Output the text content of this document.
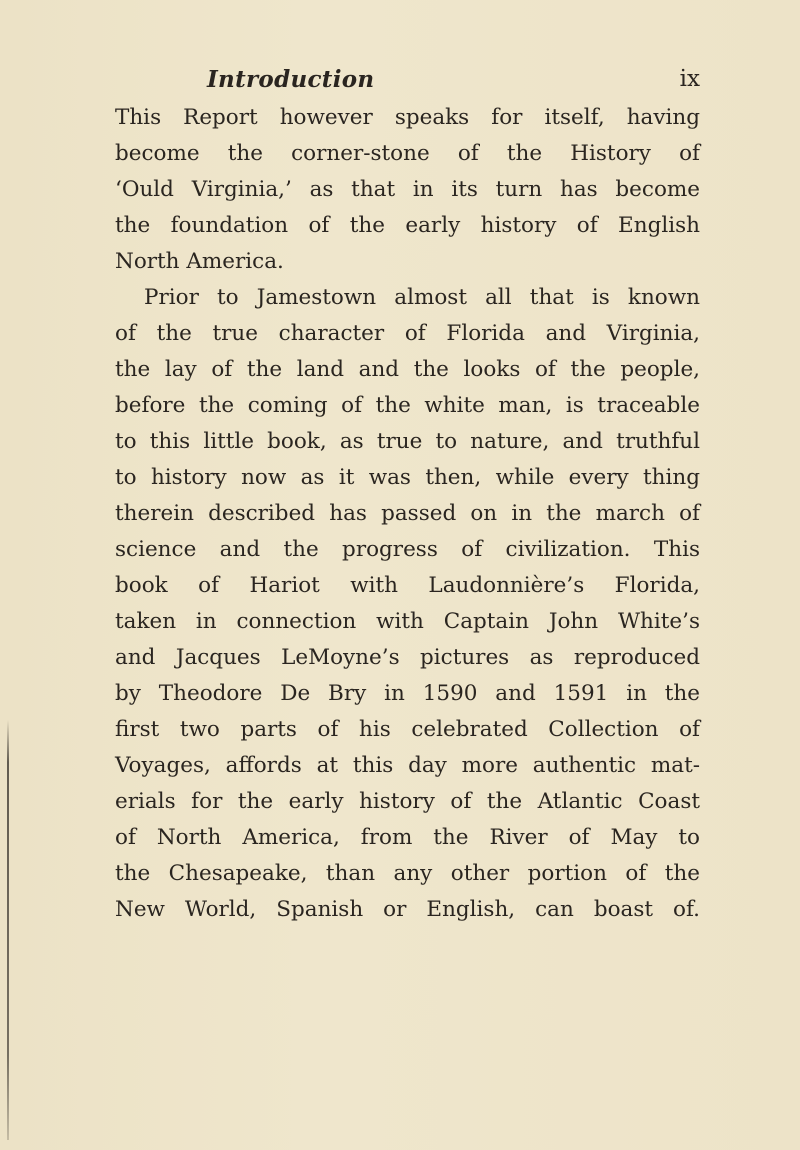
Introduction	ix
This Report however speaks for itself, having
become the corner-stone of the History of
‘Ould Virginia,’ as that in its turn has become
the foundation of the early history of English
North America.
Prior to Jamestown almost all that is known
of the true character of Florida and Virginia,
the lay of the land and the looks of the people,
before the coming of the white man, is traceable
to this little book, as true to nature, and truthful
to history now as it was then, while every thing
therein described has passed on in the march of
science and the progress of civilization. This
book of Hariot with Laudonnière’s Florida,
taken in connection with Captain John White’s
and Jacques LeMoyne’s pictures as reproduced
by Theodore De Bry in 1590 and 1591 in the
first two parts of his celebrated Collection of
Voyages, affords at this day more authentic mat-
erials for the early history of the Atlantic Coast
of North America, from the River of May to
the Chesapeake, than any other portion of the
New World, Spanish or English, can boast of.
